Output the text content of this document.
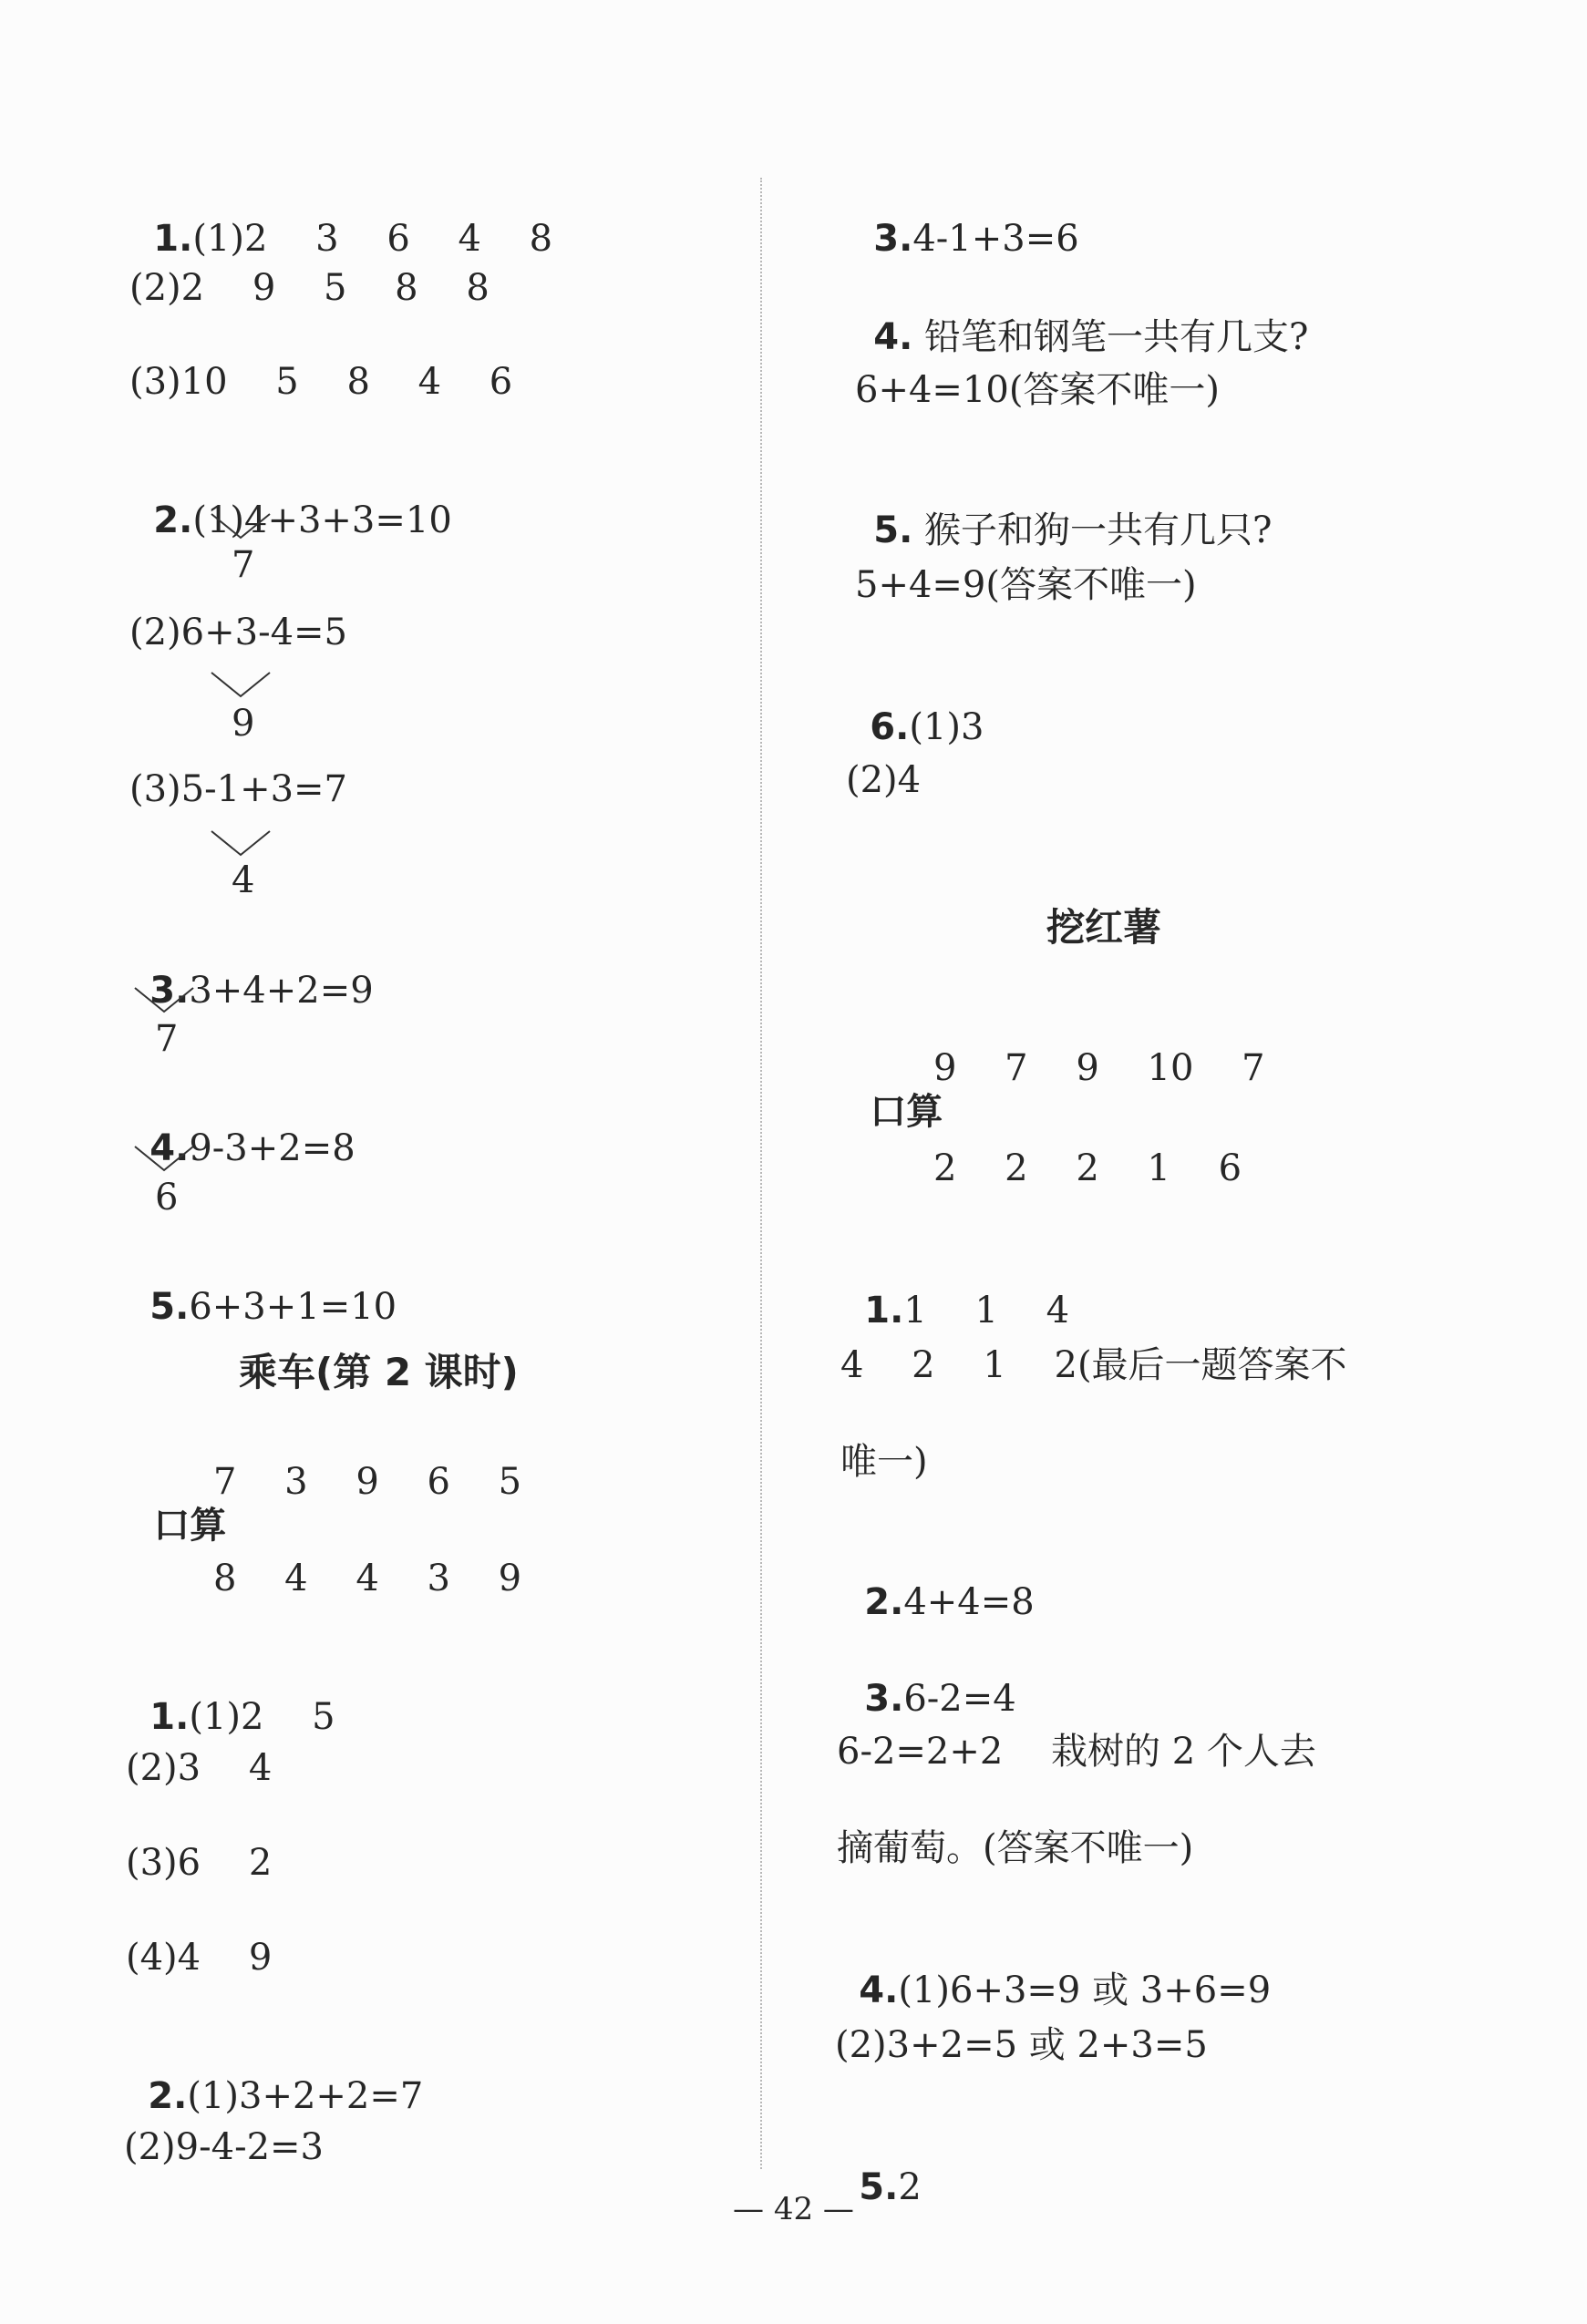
1.(1)2  3  6  4  8

(2)2  9  5  8  8
(3)10  5  8  4  6

2.(1)4+3+3=10

7
(2)6+3-4=5
9
(3)5-1+3=7
4

3.3+4+2=9

7

4.9-3+2=8

6

5.6+3+1=10

乘车(第 2 课时)

口算

7  3  9  6  5
8  4  4  3  9

1.(1)2  5

(2)3  4
(3)6  2
(4)4  9

2.(1)3+2+2=7

(2)9-4-2=3

3.4-1+3=6

4. 铅笔和钢笔一共有几支?

6+4=10(答案不唯一)

5. 猴子和狗一共有几只?

5+4=9(答案不唯一)

6.(1)3

(2)4
挖红薯

口算

9  7  9  10  7
2  2  2  1  6

1.1  1  4

4  2  1  2(最后一题答案不
唯一)

2.4+4=8

3.6-2=4

6-2=2+2  栽树的 2 个人去
摘葡萄。(答案不唯一)

4.(1)6+3=9 或 3+6=9

(2)3+2=5 或 2+3=5

5.2

— 42 —
